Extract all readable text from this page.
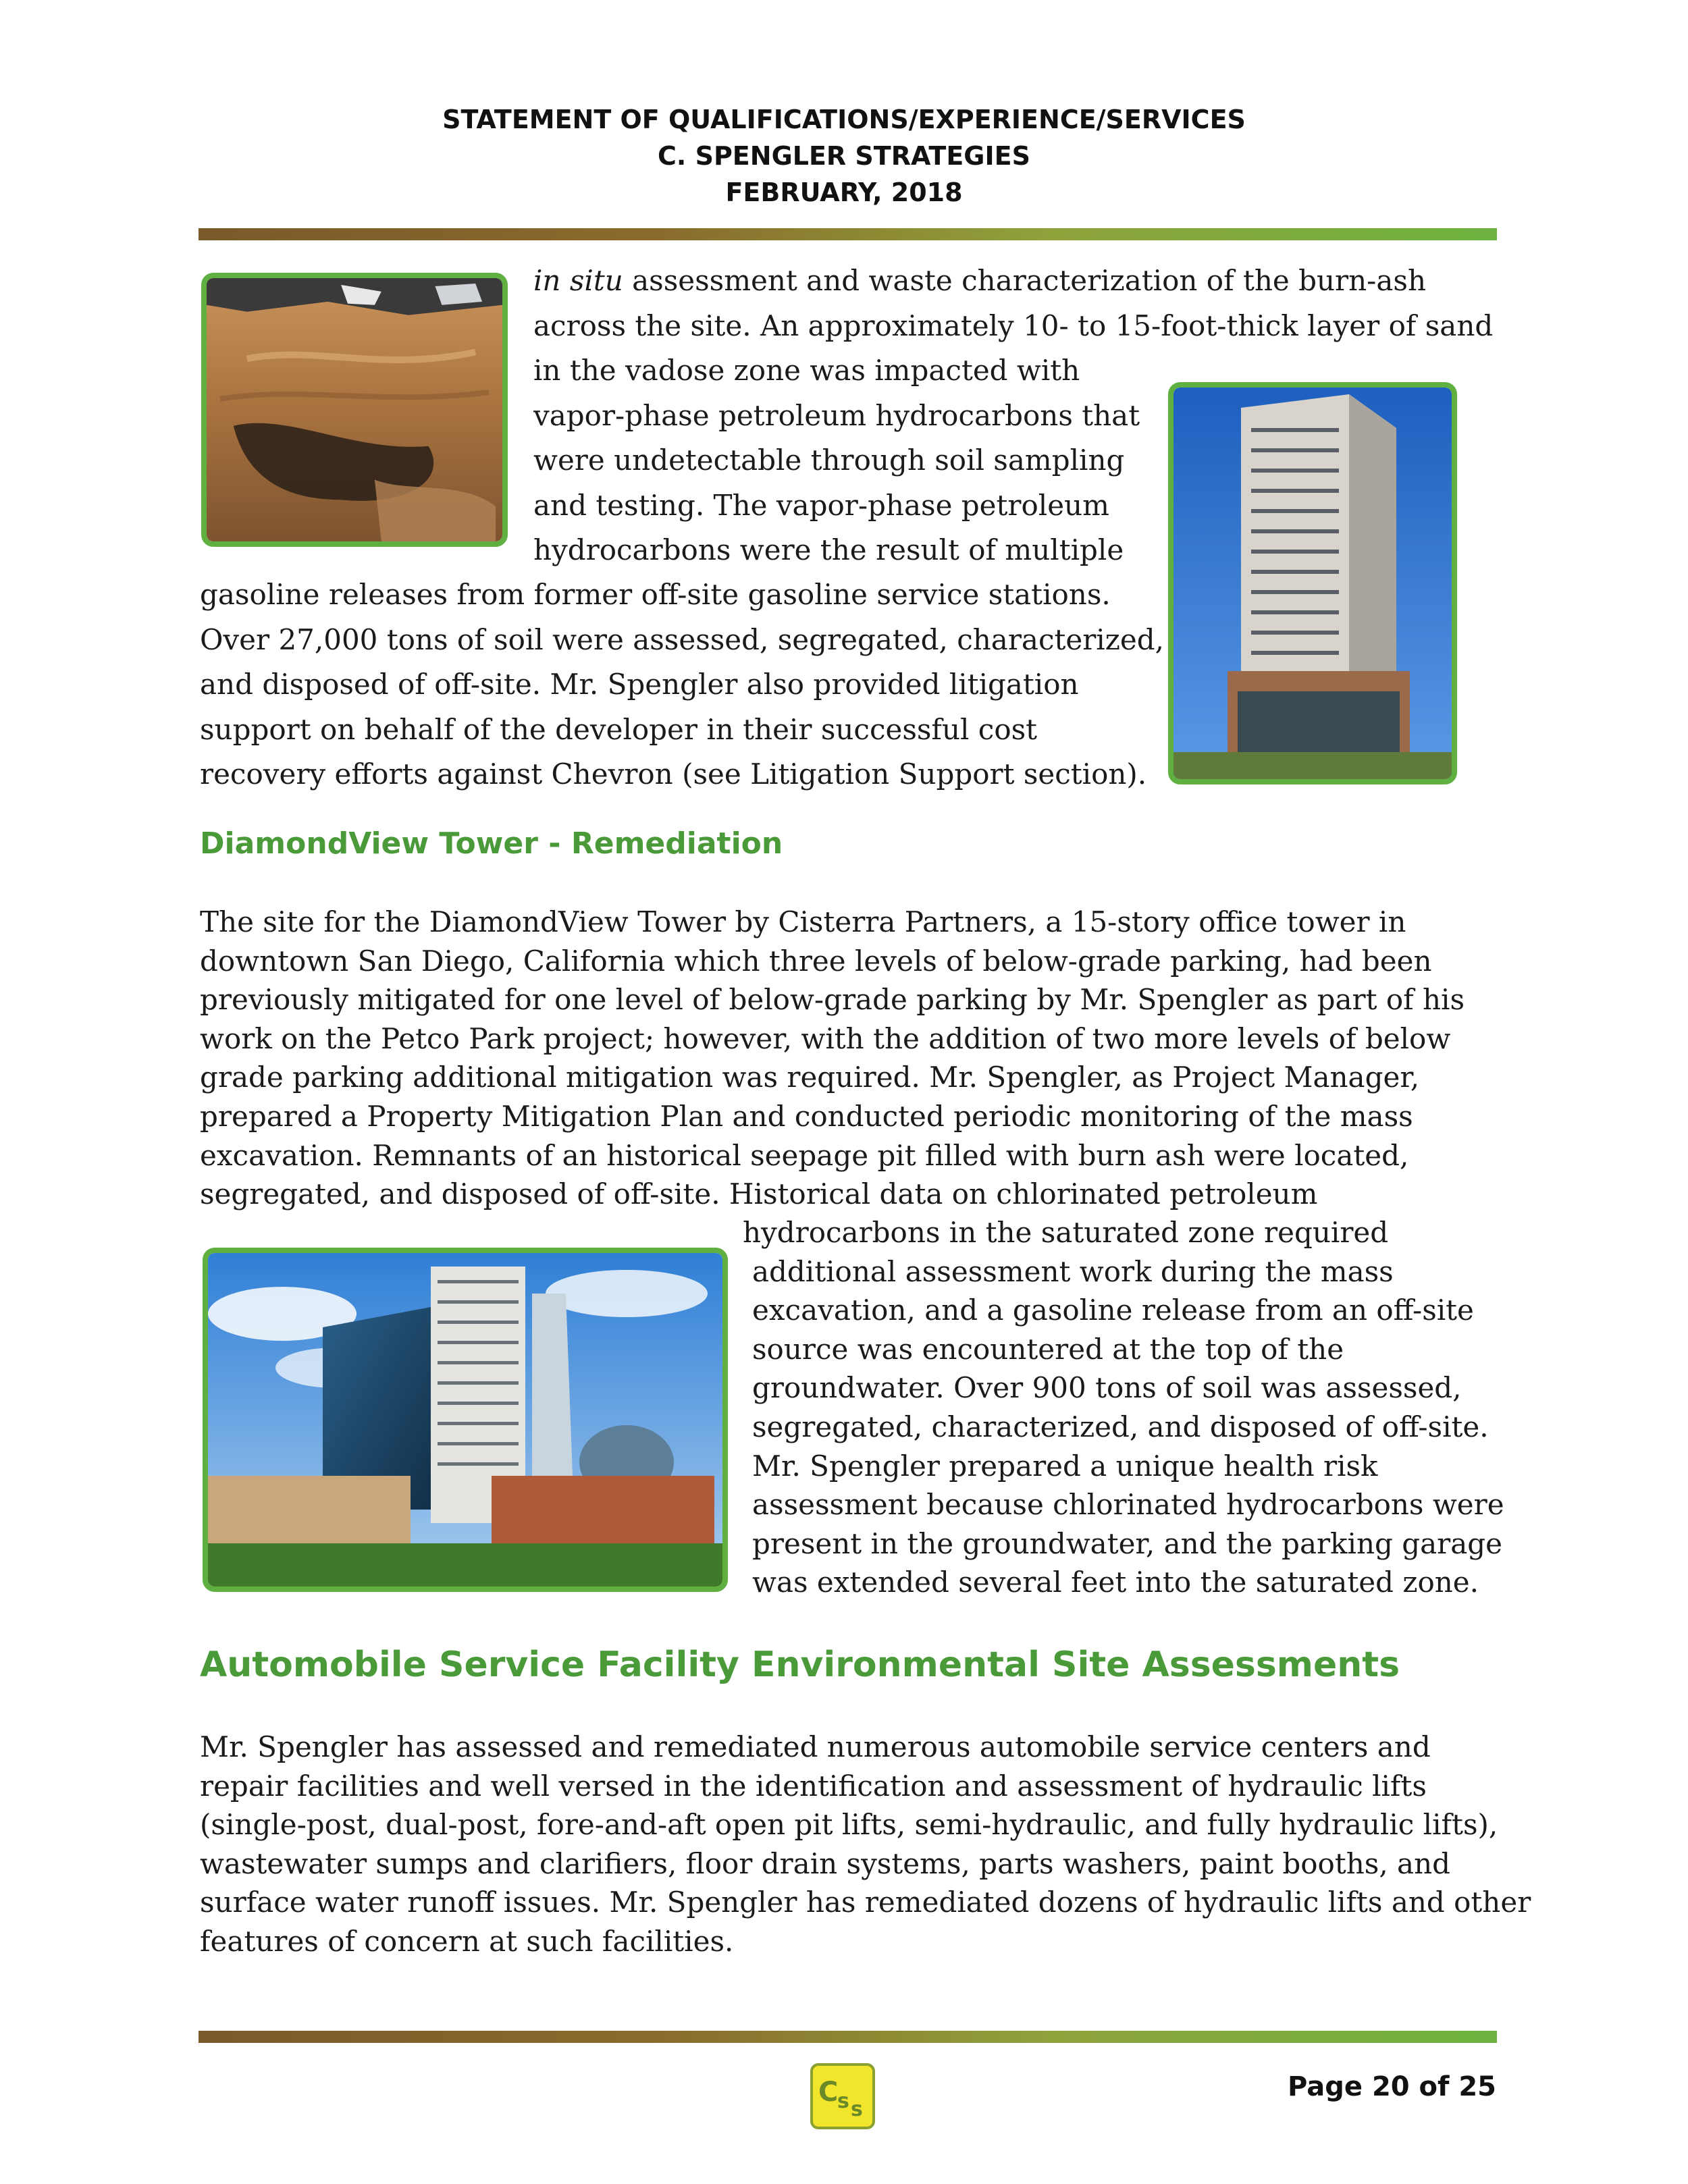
STATEMENT OF QUALIFICATIONS/EXPERIENCE/SERVICES
C. SPENGLER STRATEGIES
FEBRUARY, 2018
in situ assessment and waste characterization of the burn-ash
across the site. An approximately 10- to 15-foot-thick layer of sand
in the vadose zone was impacted with
vapor-phase petroleum hydrocarbons that
were undetectable through soil sampling
and testing. The vapor-phase petroleum
hydrocarbons were the result of multiple
gasoline releases from former off-site gasoline service stations.
Over 27,000 tons of soil were assessed, segregated, characterized,
and disposed of off-site. Mr. Spengler also provided litigation
support on behalf of the developer in their successful cost
recovery efforts against Chevron (see Litigation Support section).
DiamondView Tower - Remediation
The site for the DiamondView Tower by Cisterra Partners, a 15-story office tower in
downtown San Diego, California which three levels of below-grade parking, had been
previously mitigated for one level of below-grade parking by Mr. Spengler as part of his
work on the Petco Park project; however, with the addition of two more levels of below
grade parking additional mitigation was required. Mr. Spengler, as Project Manager,
prepared a Property Mitigation Plan and conducted periodic monitoring of the mass
excavation. Remnants of an historical seepage pit filled with burn ash were located,
segregated, and disposed of off-site. Historical data on chlorinated petroleum
hydrocarbons in the saturated zone required
additional assessment work during the mass
excavation, and a gasoline release from an off-site
source was encountered at the top of the
groundwater. Over 900 tons of soil was assessed,
segregated, characterized, and disposed of off-site.
Mr. Spengler prepared a unique health risk
assessment because chlorinated hydrocarbons were
present in the groundwater, and the parking garage
was extended several feet into the saturated zone.
Automobile Service Facility Environmental Site Assessments
Mr. Spengler has assessed and remediated numerous automobile service centers and
repair facilities and well versed in the identification and assessment of hydraulic lifts
(single-post, dual-post, fore-and-aft open pit lifts, semi-hydraulic, and fully hydraulic lifts),
wastewater sumps and clarifiers, floor drain systems, parts washers, paint booths, and
surface water runoff issues. Mr. Spengler has remediated dozens of hydraulic lifts and other
features of concern at such facilities.
C
s s
Page 20 of 25
